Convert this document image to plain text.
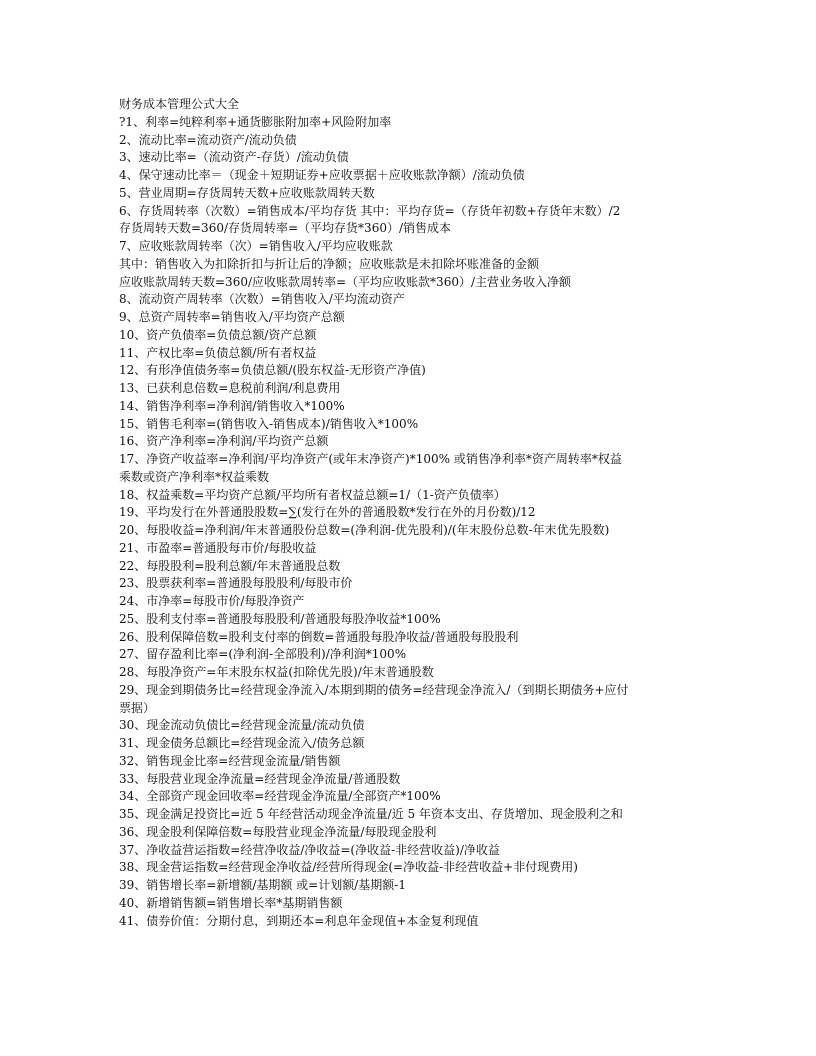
财务成本管理公式大全
?1、利率=纯粹利率+通货膨胀附加率+风险附加率
2、流动比率=流动资产/流动负债
3、速动比率=（流动资产-存货）/流动负债
4、保守速动比率＝（现金＋短期证券+应收票据＋应收账款净额）/流动负债
5、营业周期=存货周转天数+应收账款周转天数
6、存货周转率（次数）=销售成本/平均存货 其中：平均存货=（存货年初数+存货年末数）/2
存货周转天数=360/存货周转率=（平均存货*360）/销售成本
7、应收账款周转率（次）=销售收入/平均应收账款
其中：销售收入为扣除折扣与折让后的净额；应收账款是未扣除坏账准备的金额
应收账款周转天数=360/应收账款周转率=（平均应收账款*360）/主营业务收入净额
8、流动资产周转率（次数）=销售收入/平均流动资产
9、总资产周转率=销售收入/平均资产总额
10、资产负债率=负债总额/资产总额
11、产权比率=负债总额/所有者权益
12、有形净值债务率=负债总额/(股东权益-无形资产净值)
13、已获利息倍数=息税前利润/利息费用
14、销售净利率=净利润/销售收入*100%
15、销售毛利率=(销售收入-销售成本)/销售收入*100%
16、资产净利率=净利润/平均资产总额
17、净资产收益率=净利润/平均净资产(或年末净资产)*100% 或销售净利率*资产周转率*权益
乘数或资产净利率*权益乘数
18、权益乘数=平均资产总额/平均所有者权益总额=1/（1-资产负债率）
19、平均发行在外普通股股数=∑(发行在外的普通股数*发行在外的月份数)/12
20、每股收益=净利润/年末普通股份总数=(净利润-优先股利)/(年末股份总数-年末优先股数)
21、市盈率=普通股每市价/每股收益
22、每股股利=股利总额/年末普通股总数
23、股票获利率=普通股每股股利/每股市价
24、市净率=每股市价/每股净资产
25、股利支付率=普通股每股股利/普通股每股净收益*100%
26、股利保障倍数=股利支付率的倒数=普通股每股净收益/普通股每股股利
27、留存盈利比率=(净利润-全部股利)/净利润*100%
28、每股净资产=年末股东权益(扣除优先股)/年末普通股数
29、现金到期债务比=经营现金净流入/本期到期的债务=经营现金净流入/（到期长期债务+应付
票据）
30、现金流动负债比=经营现金流量/流动负债
31、现金债务总额比=经营现金流入/债务总额
32、销售现金比率=经营现金流量/销售额
33、每股营业现金净流量=经营现金净流量/普通股数
34、全部资产现金回收率=经营现金净流量/全部资产*100%
35、现金满足投资比=近 5 年经营活动现金净流量/近 5 年资本支出、存货增加、现金股利之和
36、现金股利保障倍数=每股营业现金净流量/每股现金股利
37、净收益营运指数=经营净收益/净收益=(净收益-非经营收益)/净收益
38、现金营运指数=经营现金净收益/经营所得现金(=净收益-非经营收益+非付现费用)
39、销售增长率=新增额/基期额 或=计划额/基期额-1
40、新增销售额=销售增长率*基期销售额
41、债券价值：分期付息，到期还本=利息年金现值+本金复利现值
